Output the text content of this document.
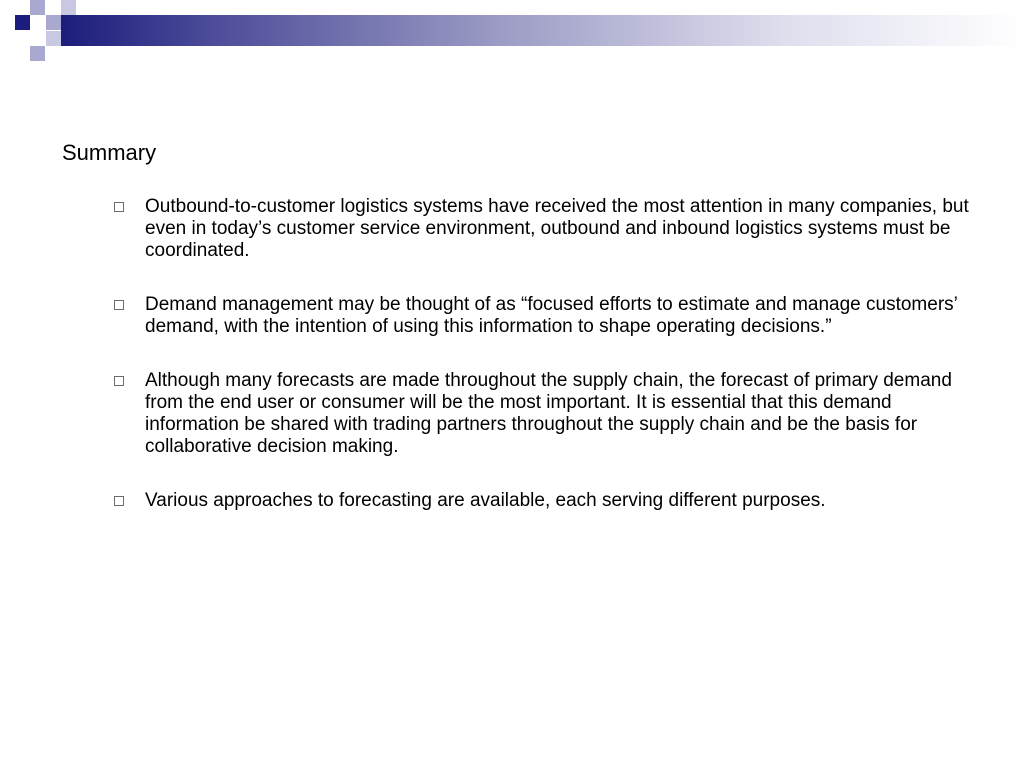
Summary
Outbound-to-customer logistics systems have received the most attention in many companies, but even in today’s customer service environment, outbound and inbound logistics systems must be coordinated.
Demand management may be thought of as “focused efforts to estimate and manage customers’ demand, with the intention of using this information to shape operating decisions.”
Although many forecasts are made throughout the supply chain, the forecast of primary demand from the end user or consumer will be the most important. It is essential that this demand information be shared with trading partners throughout the supply chain and be the basis for collaborative decision making.
Various approaches to forecasting are available, each serving different purposes.
